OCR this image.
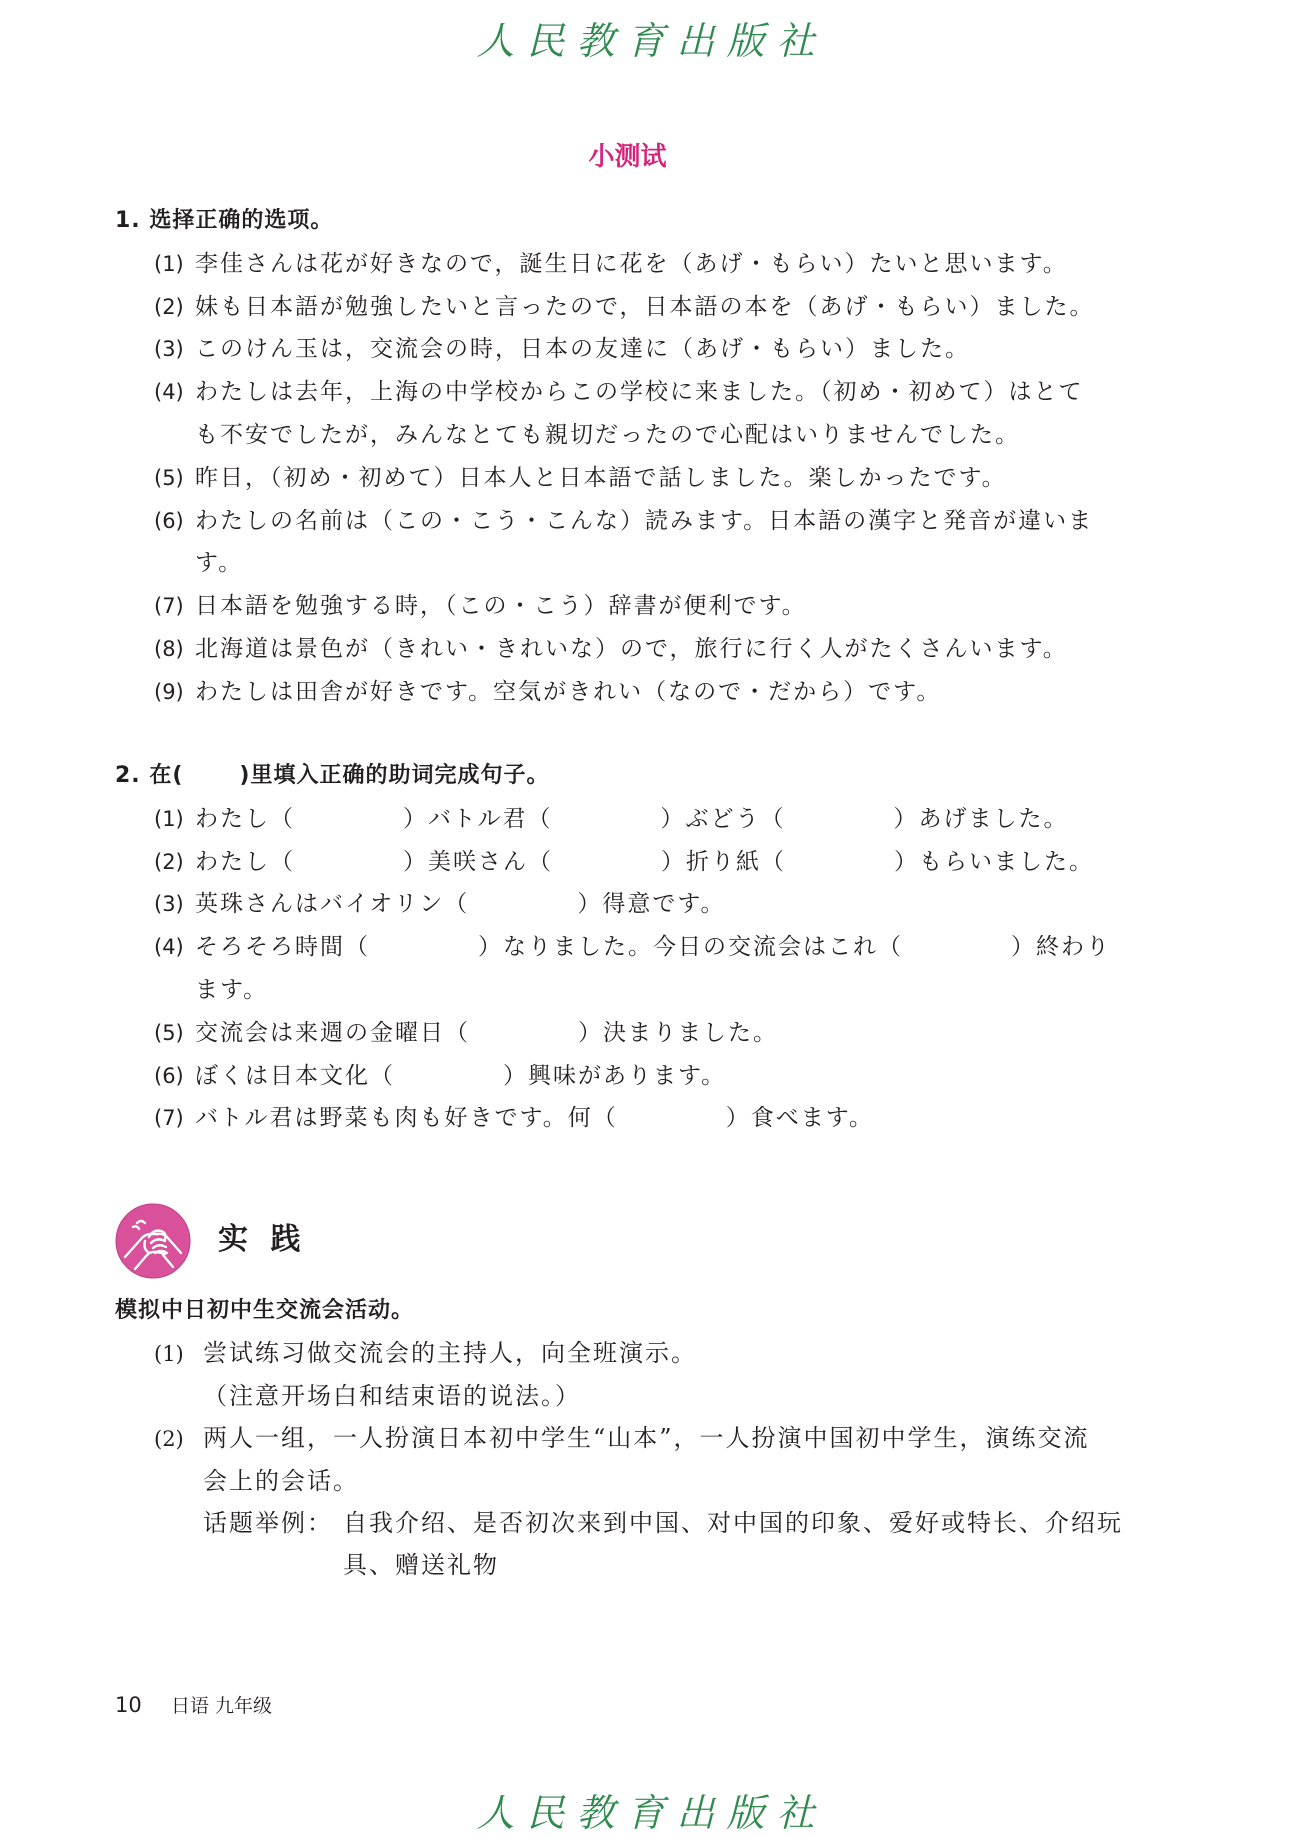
人民教育出版社
小测试
1. 选择正确的选项。
(1) 李佳さんは花が好きなので，誕生日に花を（あげ・もらい）たいと思います。
(2) 妹も日本語が勉強したいと言ったので，日本語の本を（あげ・もらい）ました。
(3) このけん玉は，交流会の時，日本の友達に（あげ・もらい）ました。
(4) わたしは去年，上海の中学校からこの学校に来ました。（初め・初めて）はとて
も不安でしたが，みんなとても親切だったので心配はいりませんでした。
(5) 昨日，（初め・初めて）日本人と日本語で話しました。楽しかったです。
(6) わたしの名前は（この・こう・こんな）読みます。日本語の漢字と発音が違いま
す。
(7) 日本語を勉強する時，（この・こう）辞書が便利です。
(8) 北海道は景色が（きれい・きれいな）ので，旅行に行く人がたくさんいます。
(9) わたしは田舎が好きです。空気がきれい（なので・だから）です。
2. 在(	)里填入正确的助词完成句子。
(1) わたし（	）バトル君（	）ぶどう（	）あげました。
(2) わたし（	）美咲さん（	）折り紙（	）もらいました。
(3) 英珠さんはバイオリン（	）得意です。
(4) そろそろ時間（	）なりました。今日の交流会はこれ（	）終わり
ます。
(5) 交流会は来週の金曜日（	）決まりました。
(6) ぼくは日本文化（	）興味があります。
(7) バトル君は野菜も肉も好きです。何（	）食べます。
实 践
模拟中日初中生交流会活动。
(1) 尝试练习做交流会的主持人，向全班演示。
（注意开场白和结束语的说法。）
(2) 两人一组，一人扮演日本初中学生“山本”，一人扮演中国初中学生，演练交流
会上的会话。
话题举例： 自我介绍、是否初次来到中国、对中国的印象、爱好或特长、介绍玩
具、赠送礼物
10 日语 九年级
人民教育出版社
